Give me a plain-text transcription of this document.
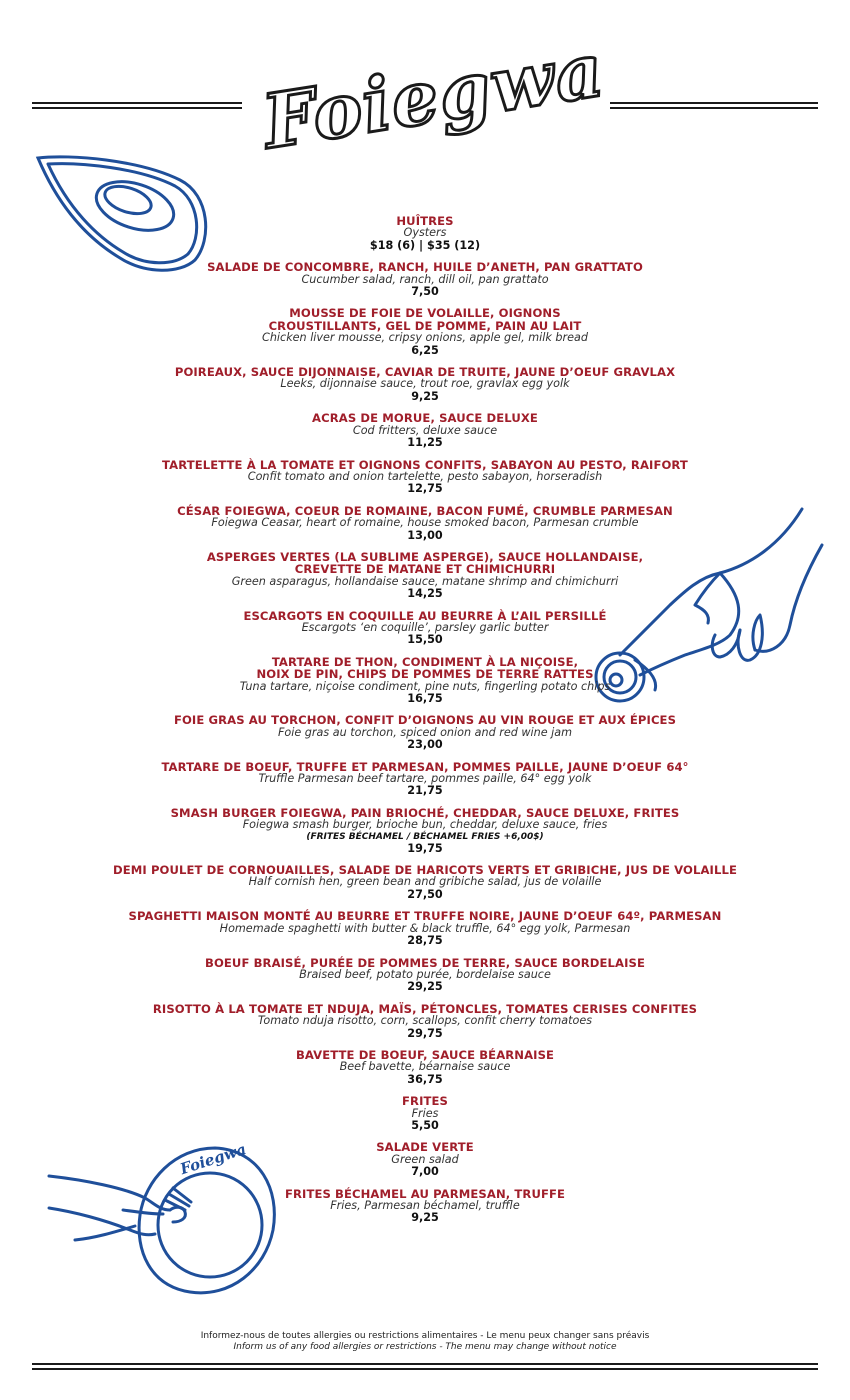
Foiegwa
Foiegwa
HUÎTRES
Oysters
$18 (6) | $35 (12)
SALADE DE CONCOMBRE, RANCH, HUILE D’ANETH, PAN GRATTATO
Cucumber salad, ranch, dill oil, pan grattato
7,50
MOUSSE DE FOIE DE VOLAILLE, OIGNONS
CROUSTILLANTS, GEL DE POMME, PAIN AU LAIT
Chicken liver mousse, cripsy onions, apple gel, milk bread
6,25
POIREAUX, SAUCE DIJONNAISE, CAVIAR DE TRUITE, JAUNE D’OEUF GRAVLAX
Leeks, dijonnaise sauce, trout roe, gravlax egg yolk
9,25
ACRAS DE MORUE, SAUCE DELUXE
Cod fritters, deluxe sauce
11,25
TARTELETTE À LA TOMATE ET OIGNONS CONFITS, SABAYON AU PESTO, RAIFORT
Confit tomato and onion tartelette, pesto sabayon, horseradish
12,75
CÉSAR FOIEGWA, COEUR DE ROMAINE, BACON FUMÉ, CRUMBLE PARMESAN
Foiegwa Ceasar, heart of romaine, house smoked bacon, Parmesan crumble
13,00
ASPERGES VERTES (LA SUBLIME ASPERGE), SAUCE HOLLANDAISE,
CREVETTE DE MATANE ET CHIMICHURRI
Green asparagus, hollandaise sauce, matane shrimp and chimichurri
14,25
ESCARGOTS EN COQUILLE AU BEURRE À L’AIL PERSILLÉ
Escargots ‘en coquille’, parsley garlic butter
15,50
TARTARE DE THON, CONDIMENT À LA NIÇOISE,
NOIX DE PIN, CHIPS DE POMMES DE TERRE RATTES
Tuna tartare, niçoise condiment, pine nuts, fingerling potato chips
16,75
FOIE GRAS AU TORCHON, CONFIT D’OIGNONS AU VIN ROUGE ET AUX ÉPICES
Foie gras au torchon, spiced onion and red wine jam
23,00
TARTARE DE BOEUF, TRUFFE ET PARMESAN, POMMES PAILLE, JAUNE D’OEUF 64°
Truffle Parmesan beef tartare, pommes paille, 64° egg yolk
21,75
SMASH BURGER FOIEGWA, PAIN BRIOCHÉ, CHEDDAR, SAUCE DELUXE, FRITES
Foiegwa smash burger, brioche bun, cheddar, deluxe sauce, fries
(FRITES BÉCHAMEL / BÉCHAMEL FRIES +6,00$)
19,75
DEMI POULET DE CORNOUAILLES, SALADE DE HARICOTS VERTS ET GRIBICHE, JUS DE VOLAILLE
Half cornish hen, green bean and gribiche salad, jus de volaille
27,50
SPAGHETTI MAISON MONTÉ AU BEURRE ET TRUFFE NOIRE, JAUNE D’OEUF 64º, PARMESAN
Homemade spaghetti with butter & black truffle, 64° egg yolk, Parmesan
28,75
BOEUF BRAISÉ, PURÉE DE POMMES DE TERRE, SAUCE BORDELAISE
Braised beef, potato purée, bordelaise sauce
29,25
RISOTTO À LA TOMATE ET NDUJA, MAÏS, PÉTONCLES, TOMATES CERISES CONFITES
Tomato nduja risotto, corn, scallops, confit cherry tomatoes
29,75
BAVETTE DE BOEUF, SAUCE BÉARNAISE
Beef bavette, béarnaise sauce
36,75
FRITES
Fries
5,50
SALADE VERTE
Green salad
7,00
FRITES BÉCHAMEL AU PARMESAN, TRUFFE
Fries, Parmesan béchamel, truffle
9,25
Informez-nous de toutes allergies ou restrictions alimentaires - Le menu peux changer sans préavis
Inform us of any food allergies or restrictions - The menu may change without notice
